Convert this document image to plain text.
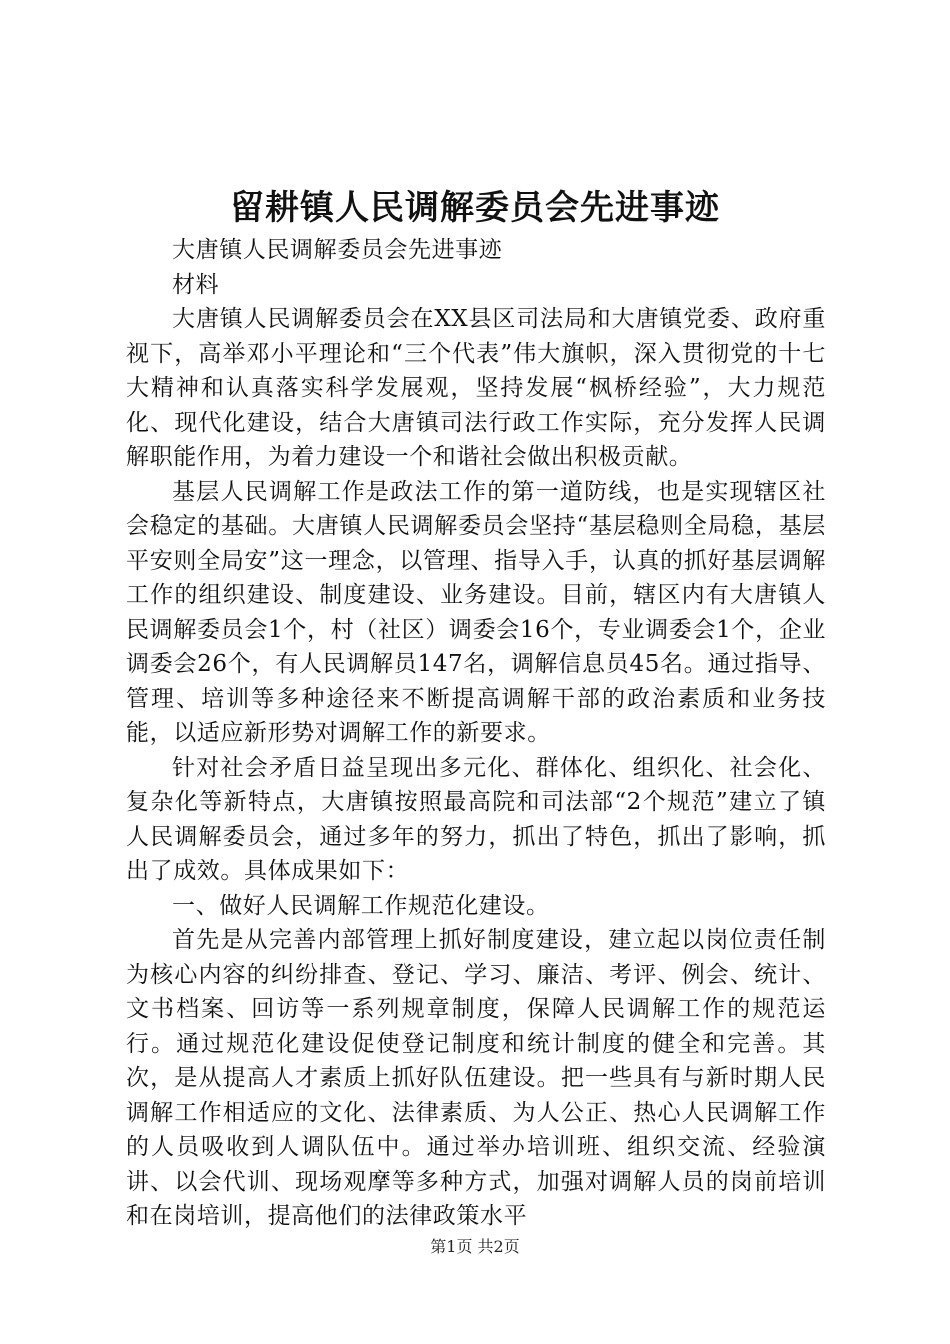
留耕镇人民调解委员会先进事迹

大唐镇人民调解委员会先进事迹

材料

大唐镇人民调解委员会在XX县区司法局和大唐镇党委、政府重视下，高举邓小平理论和“三个代表”伟大旗帜，深入贯彻党的十七大精神和认真落实科学发展观，坚持发展“枫桥经验”，大力规范化、现代化建设，结合大唐镇司法行政工作实际，充分发挥人民调解职能作用，为着力建设一个和谐社会做出积极贡献。

基层人民调解工作是政法工作的第一道防线，也是实现辖区社会稳定的基础。大唐镇人民调解委员会坚持“基层稳则全局稳，基层平安则全局安”这一理念，以管理、指导入手，认真的抓好基层调解工作的组织建设、制度建设、业务建设。目前，辖区内有大唐镇人民调解委员会1个，村（社区）调委会16个，专业调委会1个，企业调委会26个，有人民调解员147名，调解信息员45名。通过指导、管理、培训等多种途径来不断提高调解干部的政治素质和业务技能，以适应新形势对调解工作的新要求。

针对社会矛盾日益呈现出多元化、群体化、组织化、社会化、复杂化等新特点，大唐镇按照最高院和司法部“2个规范”建立了镇人民调解委员会，通过多年的努力，抓出了特色，抓出了影响，抓出了成效。具体成果如下：

一、做好人民调解工作规范化建设。

首先是从完善内部管理上抓好制度建设，建立起以岗位责任制为核心内容的纠纷排查、登记、学习、廉洁、考评、例会、统计、文书档案、回访等一系列规章制度，保障人民调解工作的规范运行。通过规范化建设促使登记制度和统计制度的健全和完善。其次，是从提高人才素质上抓好队伍建设。把一些具有与新时期人民调解工作相适应的文化、法律素质、为人公正、热心人民调解工作的人员吸收到人调队伍中。通过举办培训班、组织交流、经验演讲、以会代训、现场观摩等多种方式，加强对调解人员的岗前培训和在岗培训，提高他们的法律政策水平

第1页 共2页
